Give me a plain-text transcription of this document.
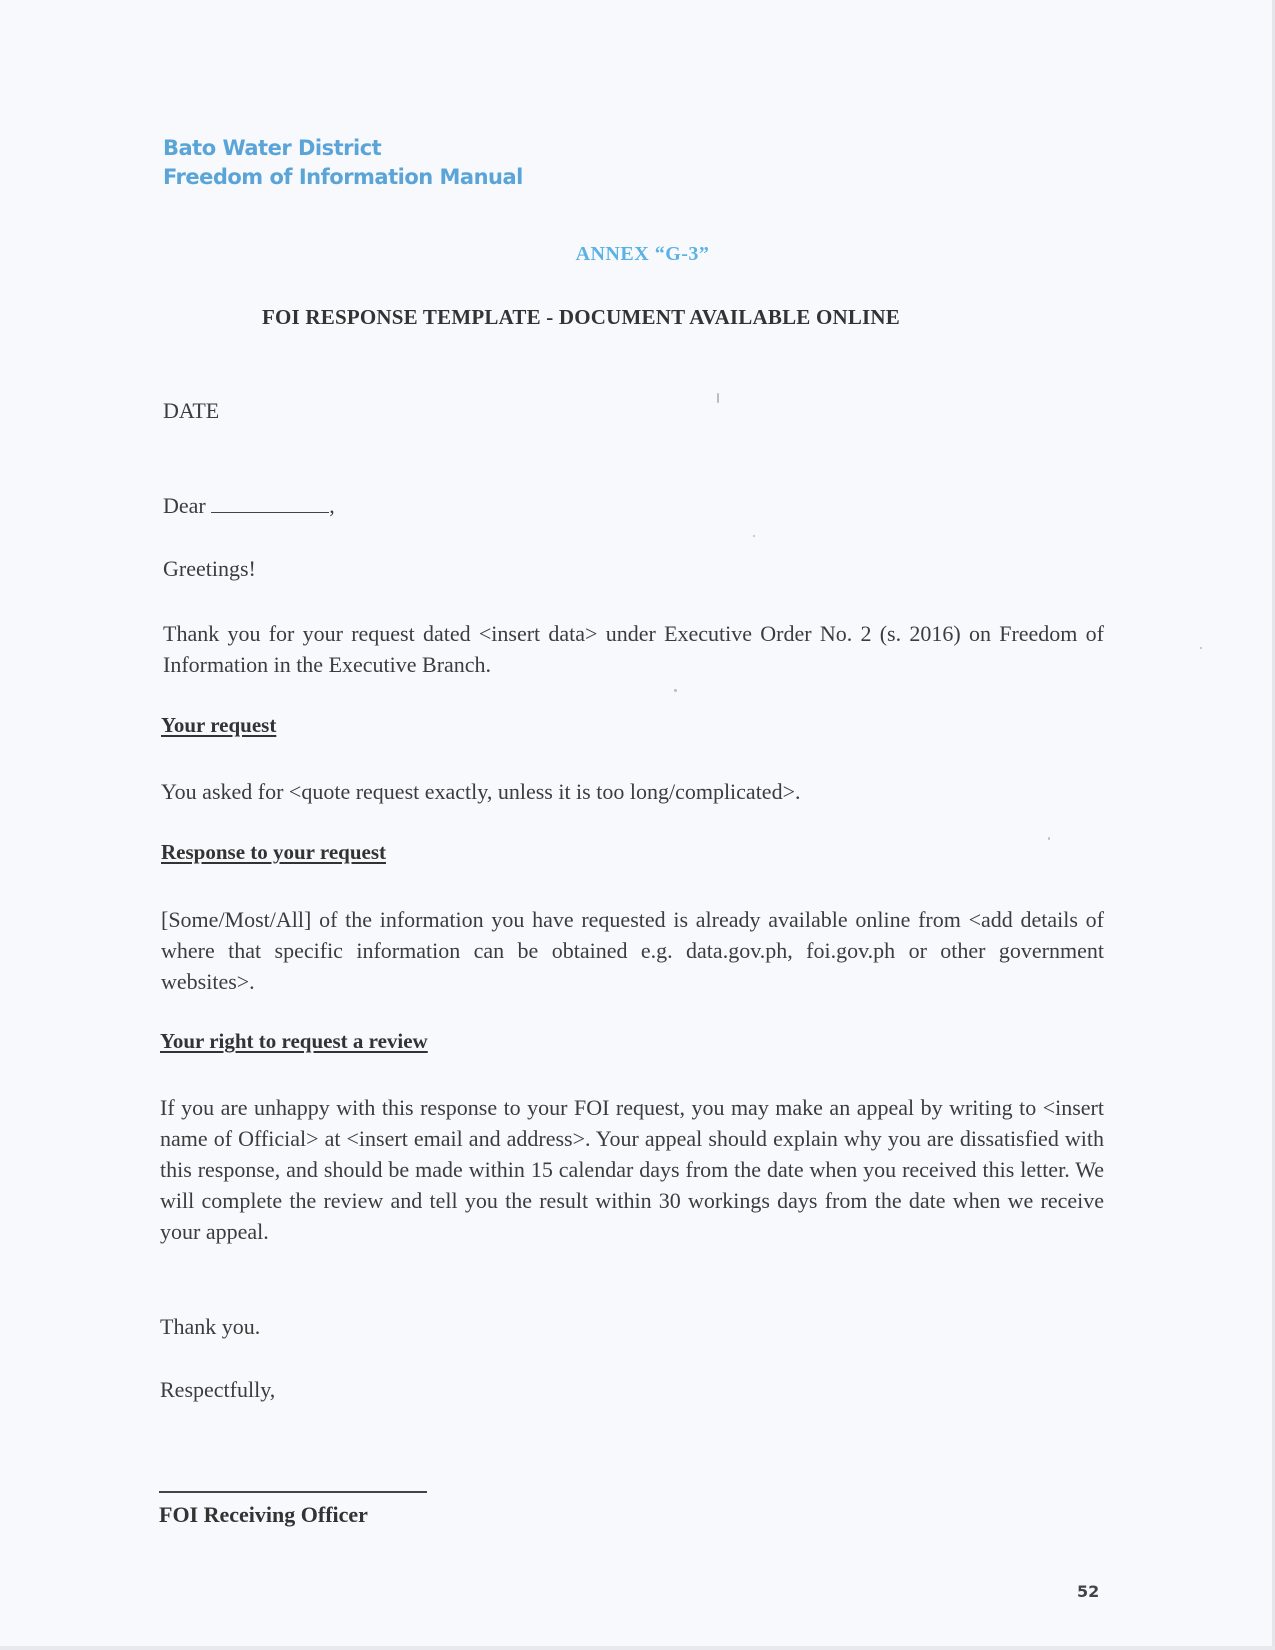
Bato Water District
Freedom of Information Manual
ANNEX “G-3”
FOI RESPONSE TEMPLATE - DOCUMENT AVAILABLE ONLINE
DATE
Dear	,
Greetings!
Thank you for your request dated <insert data> under Executive Order No. 2 (s. 2016) on Freedom of Information in the Executive Branch.
Your request
You asked for <quote request exactly, unless it is too long/complicated>.
Response to your request
[Some/Most/All] of the information you have requested is already available online from <add details of where that specific information can be obtained e.g. data.gov.ph, foi.gov.ph or other government websites>.
Your right to request a review
If you are unhappy with this response to your FOI request, you may make an appeal by writing to <insert name of Official> at <insert email and address>. Your appeal should explain why you are dissatisfied with this response, and should be made within 15 calendar days from the date when you received this letter. We will complete the review and tell you the result within 30 workings days from the date when we receive your appeal.
Thank you.
Respectfully,
FOI Receiving Officer
52
